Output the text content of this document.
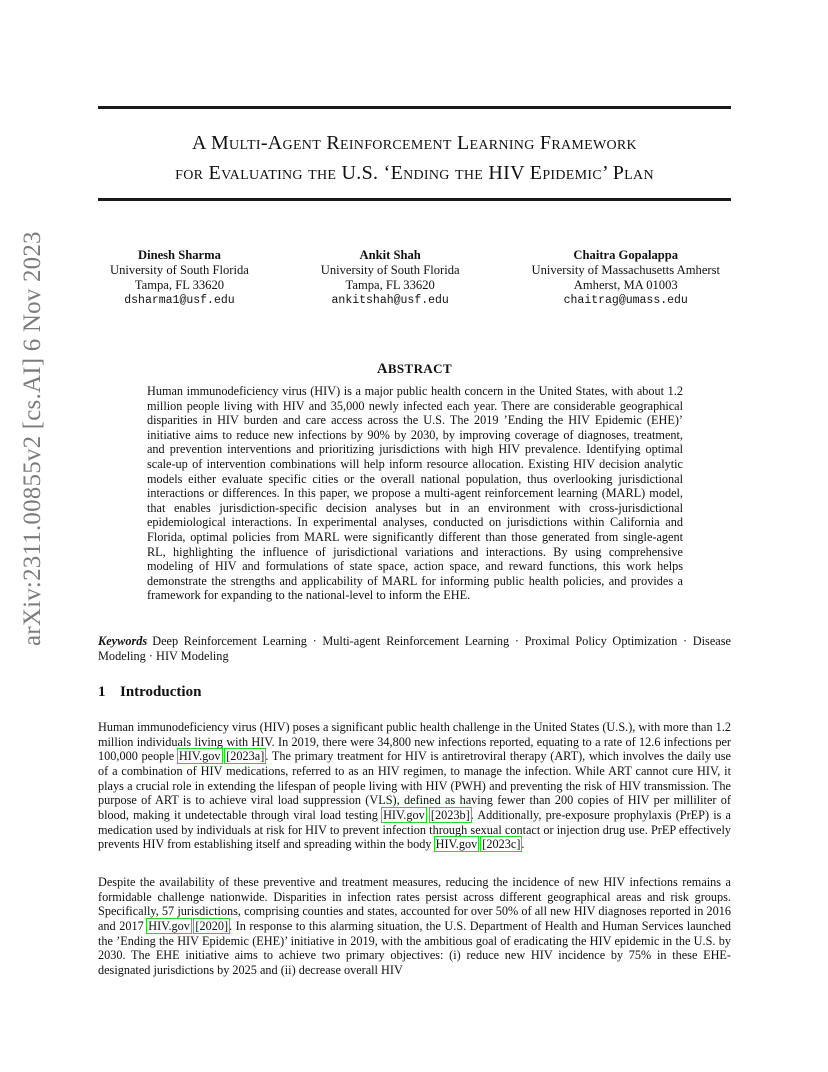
arXiv:2311.00855v2 [cs.AI] 6 Nov 2023
A Multi-Agent Reinforcement Learning Framework
for Evaluating the U.S. ‘Ending the HIV Epidemic’ Plan
Dinesh Sharma
University of South Florida
Tampa, FL 33620
dsharma1@usf.edu
Ankit Shah
University of South Florida
Tampa, FL 33620
ankitshah@usf.edu
Chaitra Gopalappa
University of Massachusetts Amherst
Amherst, MA 01003
chaitrag@umass.edu
ABSTRACT

Human immunodeficiency virus (HIV) is a major public health concern in the United States, with about 1.2 million people living with HIV and 35,000 newly infected each year. There are considerable geographical disparities in HIV burden and care access across the U.S. The 2019 ’Ending the HIV Epidemic (EHE)’ initiative aims to reduce new infections by 90% by 2030, by improving coverage of diagnoses, treatment, and prevention interventions and prioritizing jurisdictions with high HIV prevalence. Identifying optimal scale-up of intervention combinations will help inform resource allocation. Existing HIV decision analytic models either evaluate specific cities or the overall national population, thus overlooking jurisdictional interactions or differences. In this paper, we propose a multi-agent reinforcement learning (MARL) model, that enables jurisdiction-specific decision analyses but in an environment with cross-jurisdictional epidemiological interactions. In experimental analyses, conducted on jurisdictions within California and Florida, optimal policies from MARL were significantly different than those generated from single-agent RL, highlighting the influence of jurisdictional variations and interactions. By using comprehensive modeling of HIV and formulations of state space, action space, and reward functions, this work helps demonstrate the strengths and applicability of MARL for informing public health policies, and provides a framework for expanding to the national-level to inform the EHE.

Keywords Deep Reinforcement Learning · Multi-agent Reinforcement Learning · Proximal Policy Optimization · Disease Modeling · HIV Modeling
1 Introduction

Human immunodeficiency virus (HIV) poses a significant public health challenge in the United States (U.S.), with more than 1.2 million individuals living with HIV. In 2019, there were 34,800 new infections reported, equating to a rate of 12.6 infections per 100,000 people HIV.gov [2023a]. The primary treatment for HIV is antiretroviral therapy (ART), which involves the daily use of a combination of HIV medications, referred to as an HIV regimen, to manage the infection. While ART cannot cure HIV, it plays a crucial role in extending the lifespan of people living with HIV (PWH) and preventing the risk of HIV transmission. The purpose of ART is to achieve viral load suppression (VLS), defined as having fewer than 200 copies of HIV per milliliter of blood, making it undetectable through viral load testing HIV.gov [2023b]. Additionally, pre-exposure prophylaxis (PrEP) is a medication used by individuals at risk for HIV to prevent infection through sexual contact or injection drug use. PrEP effectively prevents HIV from establishing itself and spreading within the body HIV.gov [2023c].

Despite the availability of these preventive and treatment measures, reducing the incidence of new HIV infections remains a formidable challenge nationwide. Disparities in infection rates persist across different geographical areas and risk groups. Specifically, 57 jurisdictions, comprising counties and states, accounted for over 50% of all new HIV diagnoses reported in 2016 and 2017 HIV.gov [2020]. In response to this alarming situation, the U.S. Department of Health and Human Services launched the ’Ending the HIV Epidemic (EHE)’ initiative in 2019, with the ambitious goal of eradicating the HIV epidemic in the U.S. by 2030. The EHE initiative aims to achieve two primary objectives: (i) reduce new HIV incidence by 75% in these EHE-designated jurisdictions by 2025 and (ii) decrease overall HIV
